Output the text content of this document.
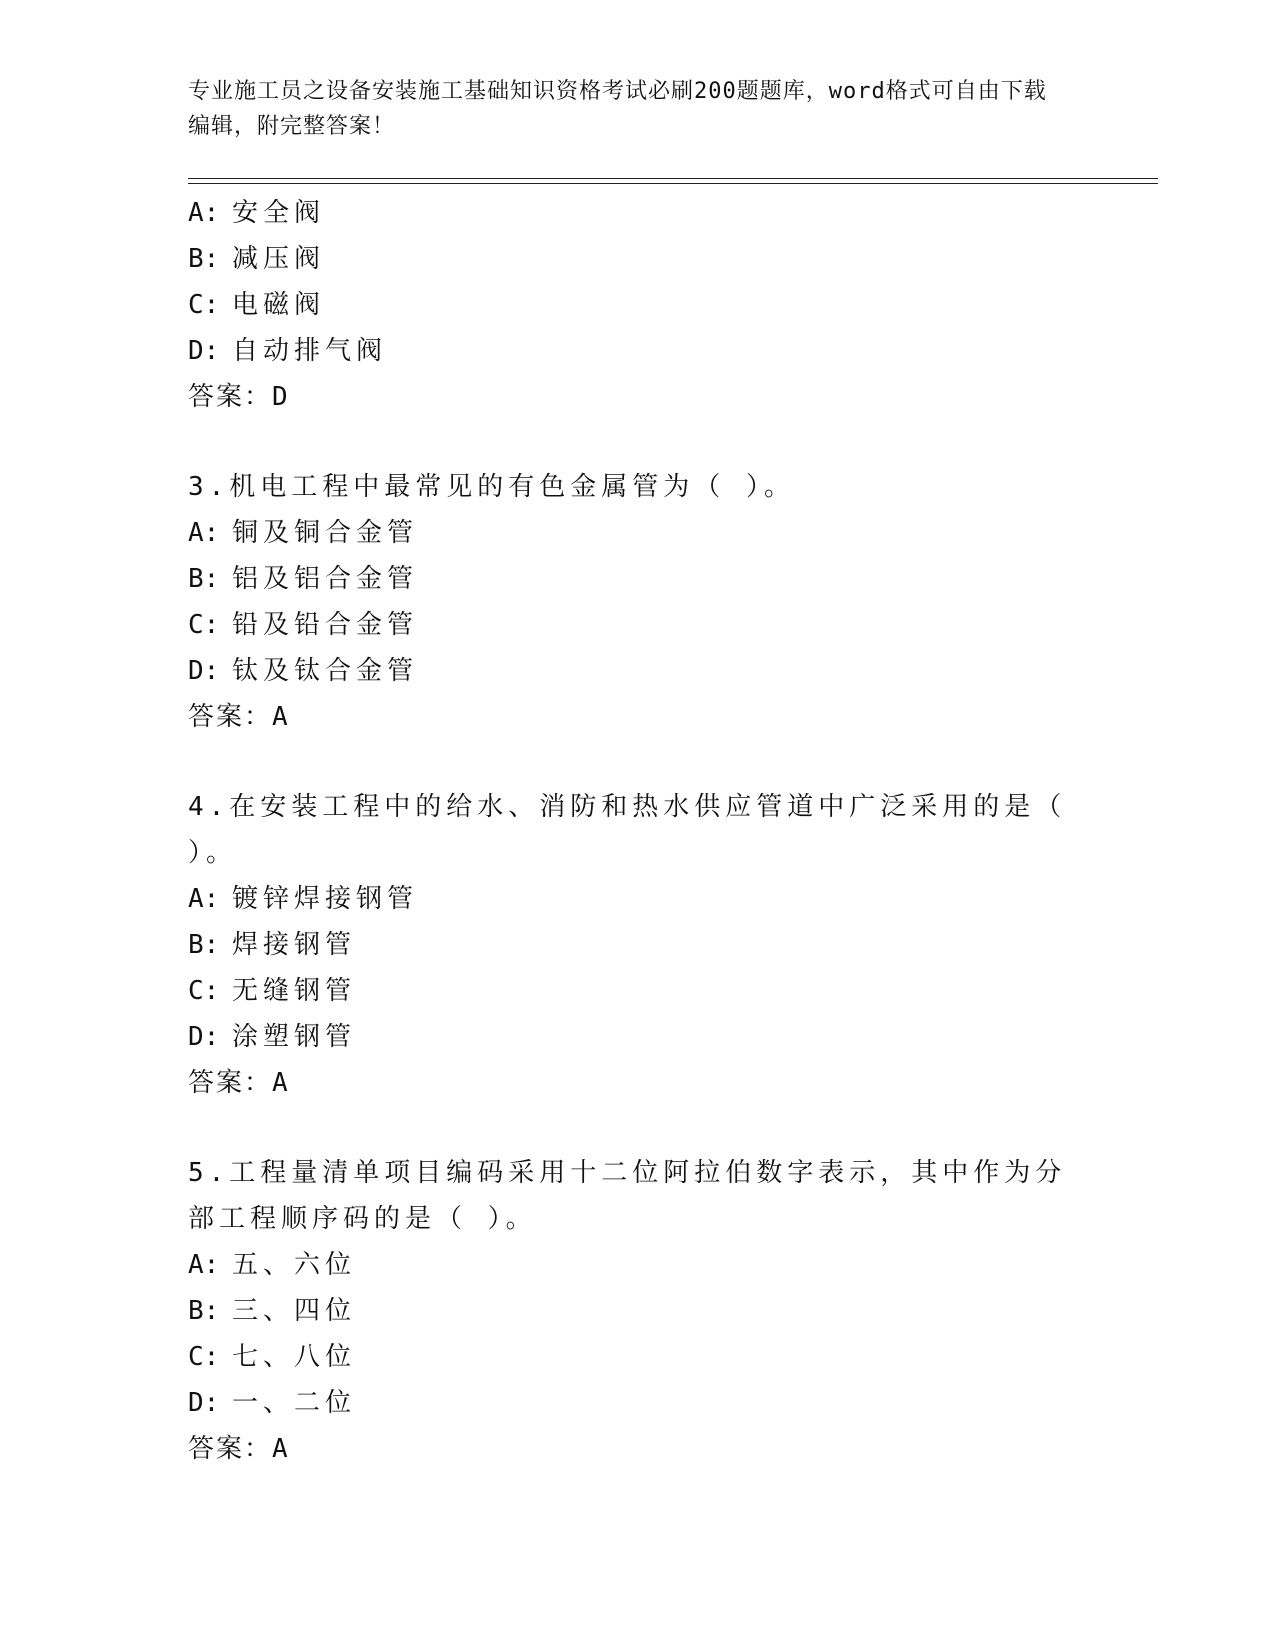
专业施工员之设备安装施工基础知识资格考试必刷200题题库，word格式可自由下载编辑，附完整答案！
A: 安全阀
B: 减压阀
C: 电磁阀
D: 自动排气阀
答案：D
3.机电工程中最常见的有色金属管为（ ）。
A: 铜及铜合金管
B: 铝及铝合金管
C: 铅及铅合金管
D: 钛及钛合金管
答案：A
4.在安装工程中的给水、消防和热水供应管道中广泛采用的是（ ）。
A: 镀锌焊接钢管
B: 焊接钢管
C: 无缝钢管
D: 涂塑钢管
答案：A
5.工程量清单项目编码采用十二位阿拉伯数字表示，其中作为分部工程顺序码的是（ ）。
A: 五、六位
B: 三、四位
C: 七、八位
D: 一、二位
答案：A
